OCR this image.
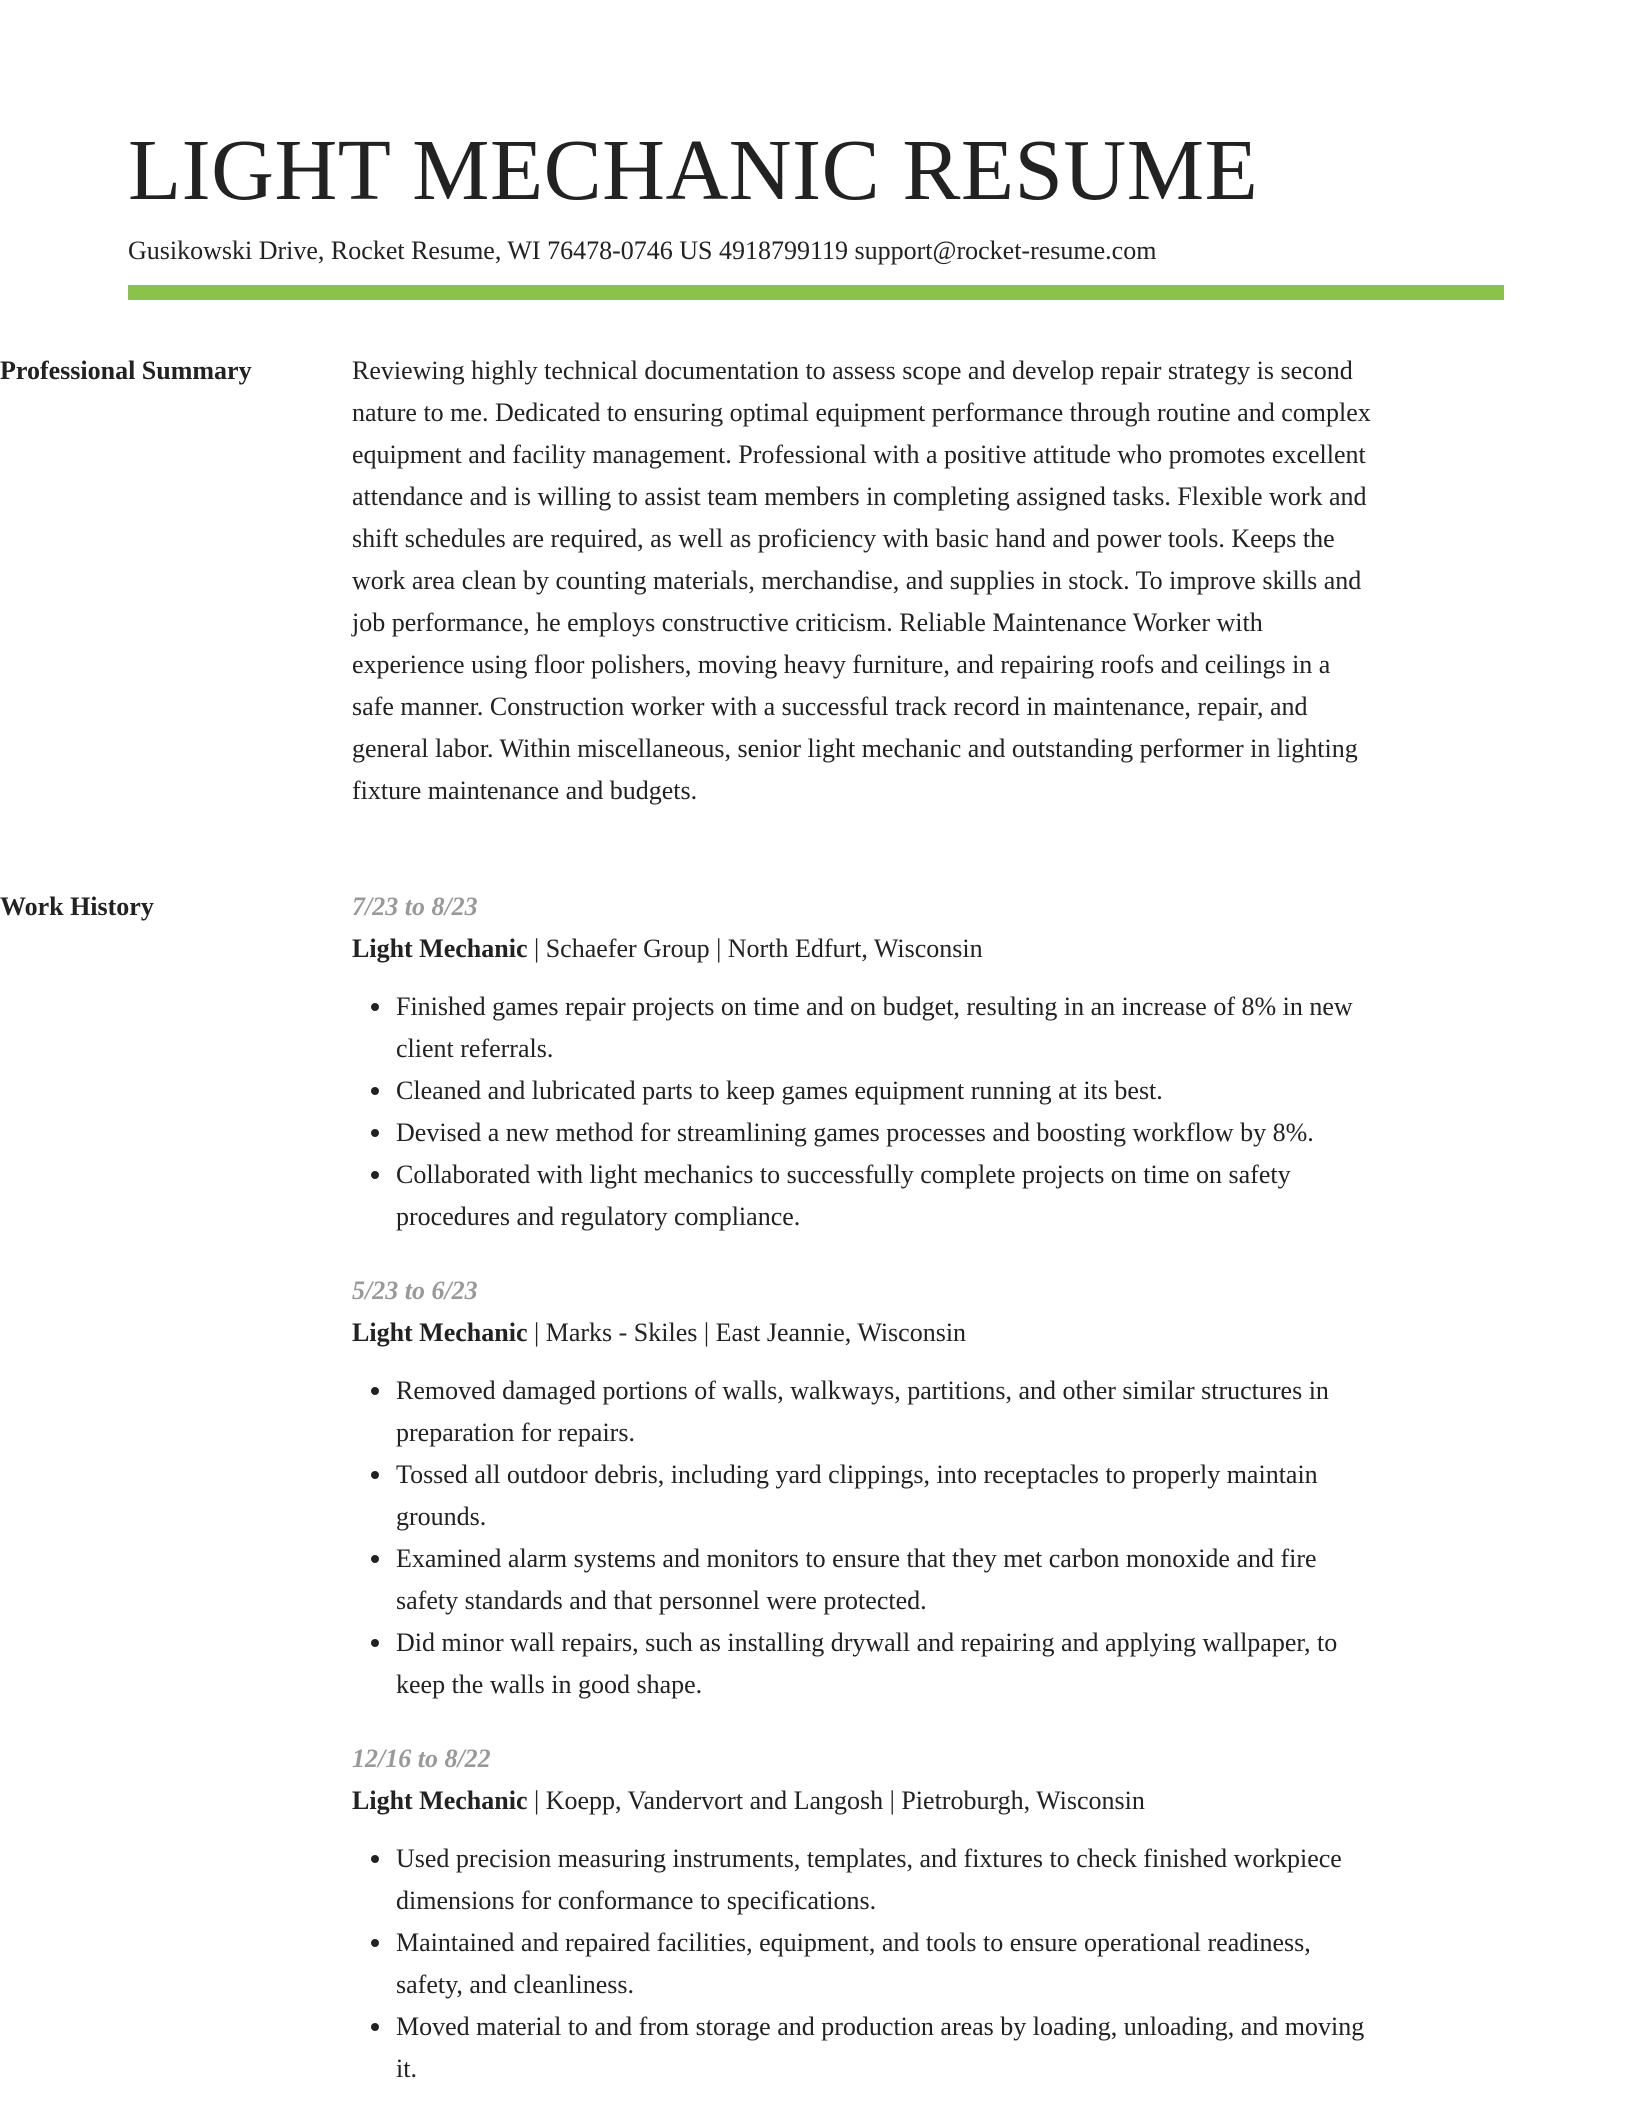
LIGHT MECHANIC RESUME
Gusikowski Drive, Rocket Resume, WI 76478-0746 US 4918799119 support@rocket-resume.com
Professional Summary	Reviewing highly technical documentation to assess scope and develop repair strategy is second nature to me. Dedicated to ensuring optimal equipment performance through routine and complex equipment and facility management. Professional with a positive attitude who promotes excellent attendance and is willing to assist team members in completing assigned tasks. Flexible work and shift schedules are required, as well as proficiency with basic hand and power tools. Keeps the work area clean by counting materials, merchandise, and supplies in stock. To improve skills and job performance, he employs constructive criticism. Reliable Maintenance Worker with experience using floor polishers, moving heavy furniture, and repairing roofs and ceilings in a safe manner. Construction worker with a successful track record in maintenance, repair, and general labor. Within miscellaneous, senior light mechanic and outstanding performer in lighting fixture maintenance and budgets.

Work History	7/23 to 8/23
Light Mechanic | Schaefer Group | North Edfurt, Wisconsin
Finished games repair projects on time and on budget, resulting in an increase of 8% in new client referrals.
Cleaned and lubricated parts to keep games equipment running at its best.
Devised a new method for streamlining games processes and boosting workflow by 8%.
Collaborated with light mechanics to successfully complete projects on time on safety procedures and regulatory compliance.
5/23 to 6/23
Light Mechanic | Marks - Skiles | East Jeannie, Wisconsin
Removed damaged portions of walls, walkways, partitions, and other similar structures in preparation for repairs.
Tossed all outdoor debris, including yard clippings, into receptacles to properly maintain grounds.
Examined alarm systems and monitors to ensure that they met carbon monoxide and fire safety standards and that personnel were protected.
Did minor wall repairs, such as installing drywall and repairing and applying wallpaper, to keep the walls in good shape.
12/16 to 8/22
Light Mechanic | Koepp, Vandervort and Langosh | Pietroburgh, Wisconsin
Used precision measuring instruments, templates, and fixtures to check finished workpiece dimensions for conformance to specifications.
Maintained and repaired facilities, equipment, and tools to ensure operational readiness, safety, and cleanliness.
Moved material to and from storage and production areas by loading, unloading, and moving it.
